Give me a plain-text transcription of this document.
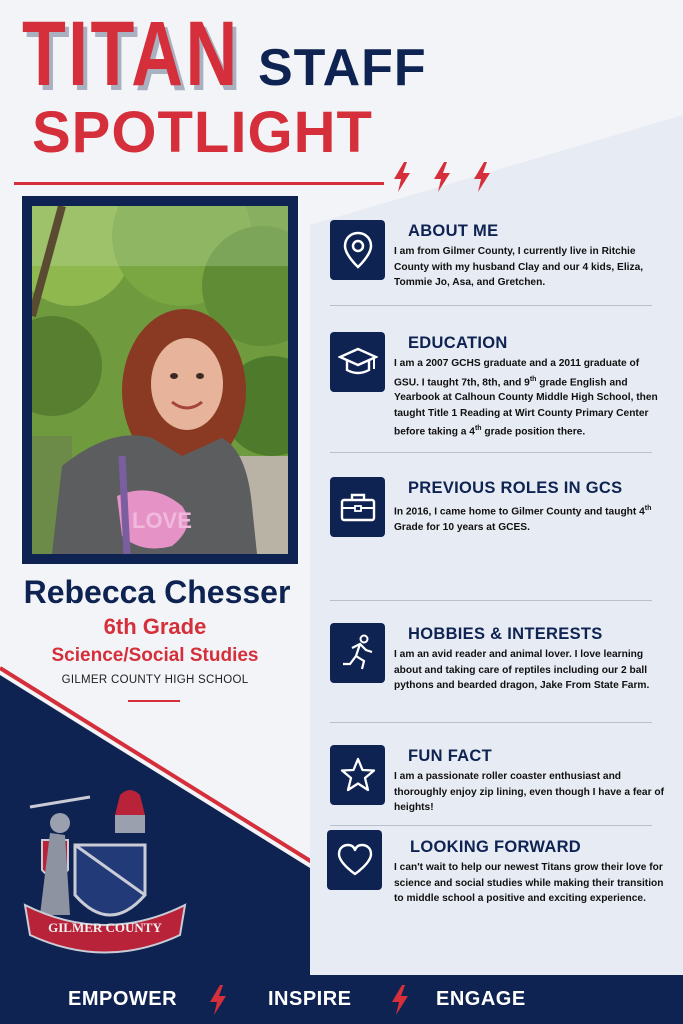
TITAN STAFF
SPOTLIGHT
LOVE
Rebecca Chesser
6th Grade
Science/Social Studies
GILMER COUNTY HIGH SCHOOL
GILMER COUNTY
ABOUT ME
I am from Gilmer County, I currently live in Ritchie County with my husband Clay and our 4 kids, Eliza, Tommie Jo, Asa, and Gretchen.
EDUCATION
I am a 2007 GCHS graduate and a 2011 graduate of GSU. I taught 7th, 8th, and 9th grade English and Yearbook at Calhoun County Middle High School, then taught Title 1 Reading at Wirt County Primary Center before taking a 4th grade position there.
PREVIOUS ROLES IN GCS
In 2016, I came home to Gilmer County and taught 4th Grade for 10 years at GCES.
HOBBIES & INTERESTS
I am an avid reader and animal lover. I love learning about and taking care of reptiles including our 2 ball pythons and bearded dragon, Jake From State Farm.
FUN FACT
I am a passionate roller coaster enthusiast and thoroughly enjoy zip lining, even though I have a fear of heights!
LOOKING FORWARD
I can't wait to help our newest Titans grow their love for science and social studies while making their transition to middle school a positive and exciting experience.
EMPOWER	INSPIRE	ENGAGE
